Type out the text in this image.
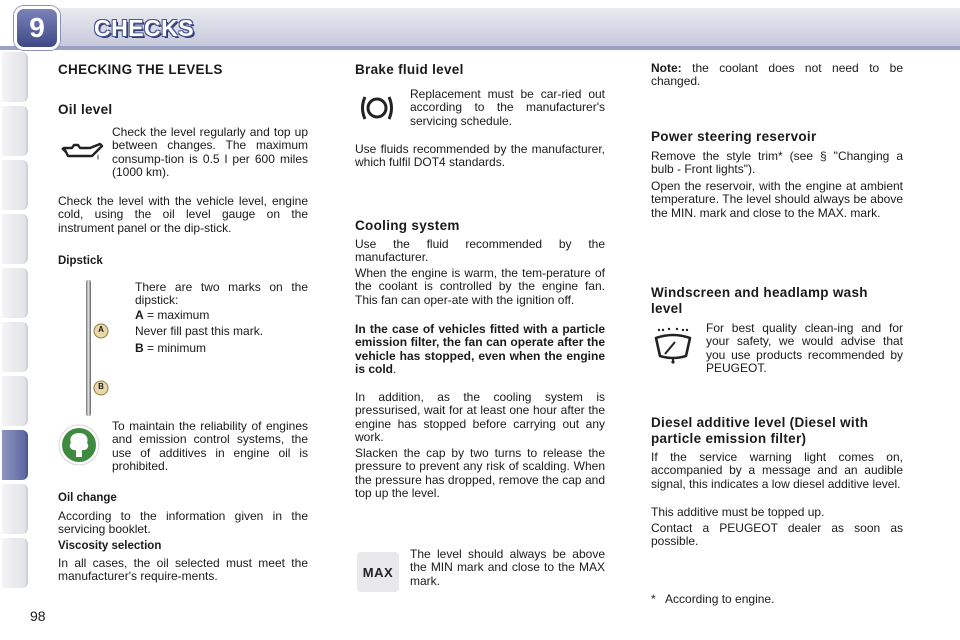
9	CHECKS
CHECKING THE LEVELS
Oil level
Check the level regularly and top up between changes. The maximum consump-tion is 0.5 l per 600 miles (1000 km).
Check the level with the vehicle level, engine cold, using the oil level gauge on the instrument panel or the dip-stick.
Dipstick
A
B
There are two marks on the dipstick:
A = maximum
Never fill past this mark.
B = minimum
To maintain the reliability of engines and emission control systems, the use of additives in engine oil is prohibited.
Oil change
According to the information given in the servicing booklet.
Viscosity selection
In all cases, the oil selected must meet the manufacturer's require-ments.
Brake fluid level
Replacement must be car-ried out according to the manufacturer's servicing schedule.
Use fluids recommended by the manufacturer, which fulfil DOT4 standards.
Cooling system
Use the fluid recommended by the manufacturer.
When the engine is warm, the tem-perature of the coolant is controlled by the engine fan. This fan can oper-ate with the ignition off.
In the case of vehicles fitted with a particle emission filter, the fan can operate after the vehicle has stopped, even when the engine is cold.
In addition, as the cooling system is pressurised, wait for at least one hour after the engine has stopped before carrying out any work.
Slacken the cap by two turns to release the pressure to prevent any risk of scalding. When the pressure has dropped, remove the cap and top up the level.
MAX
The level should always be above the MIN mark and close to the MAX mark.
Note: the coolant does not need to be changed.
Power steering reservoir
Remove the style trim* (see § "Changing a bulb - Front lights").
Open the reservoir, with the engine at ambient temperature. The level should always be above the MIN. mark and close to the MAX. mark.
Windscreen and headlamp wash level
For best quality clean-ing and for your safety, we would advise that you use products recommended by PEUGEOT.
Diesel additive level (Diesel with particle emission filter)
If the service warning light comes on, accompanied by a message and an audible signal, this indicates a low diesel additive level.
This additive must be topped up.
Contact a PEUGEOT dealer as soon as possible.
*   According to engine.
98
